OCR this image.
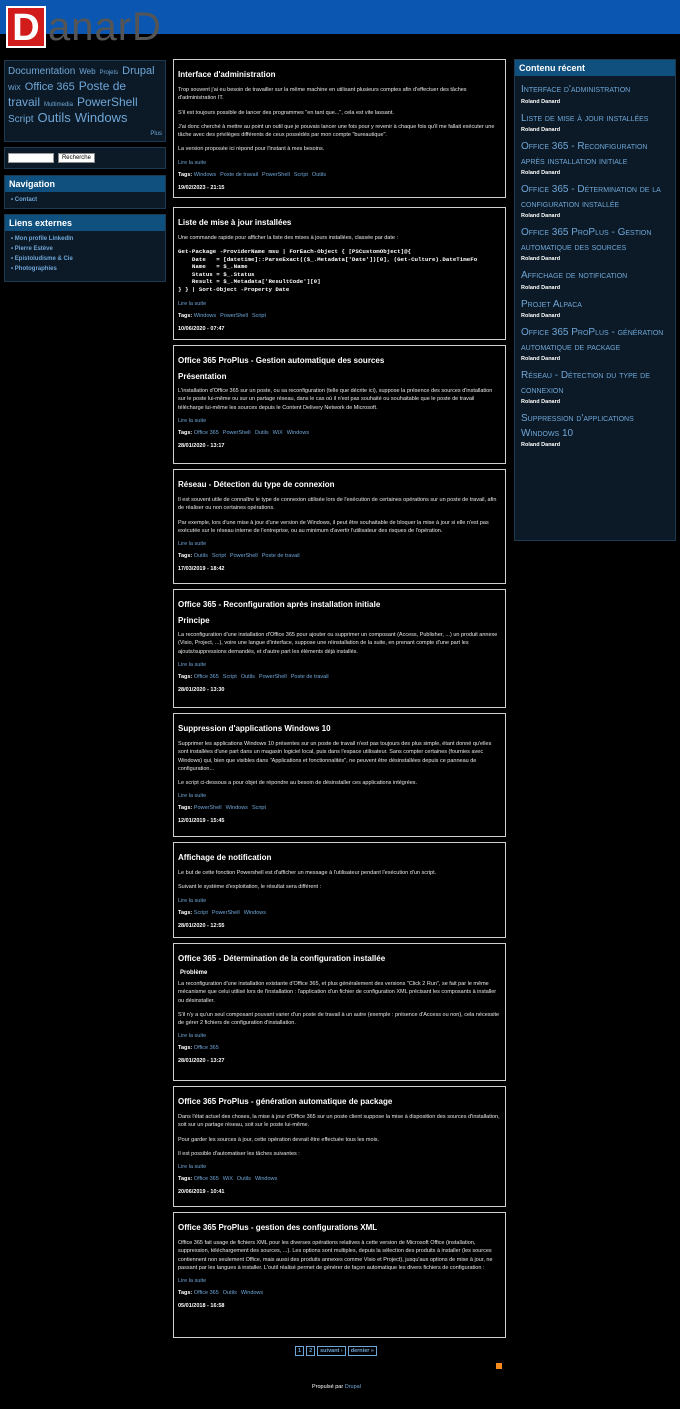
D anarD
Documentation Web Projets Drupal WiX Office 365 Poste de travail Multimedia PowerShell Script Outils Windows
Plus
Recherche
Navigation
• Contact
Liens externes
• Mon profile LinkedIn
• Pierre Estève
• Epistoludisme & Cie
• Photographies
Interface d'administration

Trop souvent j'ai eu besoin de travailler sur la même machine en utilisant plusieurs comptes afin d'effectuer des tâches d'administration IT.

S'il est toujours possible de lancer des programmes "en tant que...", cela est vite lassant.

J'ai donc cherché à mettre au point un outil que je pouvais lancer une fois pour y revenir à chaque fois qu'il me fallait exécuter une tâche avec des privilèges différents de ceux possédés par mon compte "bureautique".

La version proposée ici répond pour l'instant à mes besoins.

Lire la suite
Tags: Windows Poste de travail PowerShell Script Outils
19/02/2023 - 21:15
Liste de mise à jour installées

Une commande rapide pour afficher la liste des mises à jours installées, classée par date :

Get-Package -ProviderName msu | ForEach-Object { [PSCustomObject]@{
Date   = [datetime]::ParseExact(($_.Metadata['Date'])[0], (Get-Culture).DateTimeFo
Name   = $_.Name
Status = $_.Status
Result = $_.Metadata['ResultCode'][0]
} } | Sort-Object -Property Date
Lire la suite
Tags: Windows PowerShell Script
10/06/2020 - 07:47
Office 365 ProPlus - Gestion automatique des sources
Présentation

L'installation d'Office 365 sur un poste, ou sa reconfiguration (telle que décrite ici), suppose la présence des sources d'installation sur le poste lui-même ou sur un partage réseau, dans le cas où il n'est pas souhaité ou souhaitable que le poste de travail télécharge lui-même les sources depuis le Content Delivery Network de Microsoft.

Lire la suite
Tags: Office 365 PowerShell Outils WiX Windows
28/01/2020 - 13:17
Réseau - Détection du type de connexion

Il est souvent utile de connaître le type de connexion utilisée lors de l'exécution de certaines opérations sur un poste de travail, afin de réaliser ou non certaines opérations.

Par exemple, lors d'une mise à jour d'une version de Windows, il peut être souhaitable de bloquer la mise à jour si elle n'est pas exécutée sur le réseau interne de l'entreprise, ou au minimum d'avertir l'utilisateur des risques de l'opération.

Lire la suite
Tags: Outils Script PowerShell Poste de travail
17/03/2019 - 18:42
Office 365 - Reconfiguration après installation initiale
Principe

La reconfiguration d'une installation d'Office 365 pour ajouter ou supprimer un composant (Access, Publisher, ...) un produit annexe (Visio, Project, ...), voire une langue d'interface, suppose une réinstallation de la suite, en prenant compte d'une part les ajouts/suppressions demandés, et d'autre part les éléments déjà installés.

Lire la suite
Tags: Office 365 Script Outils PowerShell Poste de travail
28/01/2020 - 13:30
Suppression d'applications Windows 10

Supprimer les applications Windows 10 présentes sur un poste de travail n'est pas toujours des plus simple, étant donné qu'elles sont installées d'une part dans un magasin logiciel local, puis dans l'espace utilisateur. Sans compter certaines (fournies avec Windows) qui, bien que visibles dans "Applications et fonctionnalités", ne peuvent être désinstallées depuis ce panneau de configuration...

Le script ci-dessous a pour objet de répondre au besoin de désinstaller ces applications intégrées.

Lire la suite
Tags: PowerShell Windows Script
12/01/2019 - 15:45
Affichage de notification

Le but de cette fonction Powershell est d'afficher un message à l'utilisateur pendant l'exécution d'un script.

Suivant le système d'exploitation, le résultat sera différent :

Lire la suite
Tags: Script PowerShell Windows
28/01/2020 - 12:55
Office 365 - Détermination de la configuration installée
Problème

La reconfiguration d'une installation existante d'Office 365, et plus généralement des versions "Click 2 Run", se fait par le même mécanisme que celui utilisé lors de l'installation : l'application d'un fichier de configuration XML précisant les composants à installer ou désinstaller.

S'il n'y a qu'un seul composant pouvant varier d'un poste de travail à un autre (exemple : présence d'Access ou non), cela nécessite de gérer 2 fichiers de configuration d'installation.

Lire la suite
Tags: Office 365
28/01/2020 - 13:27
Office 365 ProPlus - génération automatique de package

Dans l'état actuel des choses, la mise à jour d'Office 365 sur un poste client suppose la mise à disposition des sources d'installation, soit sur un partage réseau, soit sur le poste lui-même.

Pour garder les sources à jour, cette opération devrait être effectuée tous les mois.

Il est possible d'automatiser les tâches suivantes :

Lire la suite
Tags: Office 365 WiX Outils Windows
20/06/2019 - 10:41
Office 365 ProPlus - gestion des configurations XML

Office 365 fait usage de fichiers XML pour les diverses opérations relatives à cette version de Microsoft Office (installation, suppression, téléchargement des sources, ...). Les options sont multiples, depuis la sélection des produits à installer (les sources contiennent non seulement Office, mais aussi des produits annexes comme Visio et Project), jusqu'aux options de mise à jour, ne passant par les langues à installer. L'outil réalisé permet de générer de façon automatique les divers fichiers de configuration :

Lire la suite
Tags: Office 365 Outils Windows
05/01/2018 - 16:58
1	2	suivant ›	dernier »
Propulsé par Drupal
Contenu récent
Interface d'administration
Roland Danard
Liste de mise à jour installées
Roland Danard
Office 365 - Reconfiguration après installation initiale
Roland Danard
Office 365 - Détermination de la configuration installée
Roland Danard
Office 365 ProPlus - Gestion automatique des sources
Roland Danard
Affichage de notification
Roland Danard
Projet Alpaca
Roland Danard
Office 365 ProPlus - génération automatique de package
Roland Danard
Réseau - Détection du type de connexion
Roland Danard
Suppression d'applications Windows 10
Roland Danard
